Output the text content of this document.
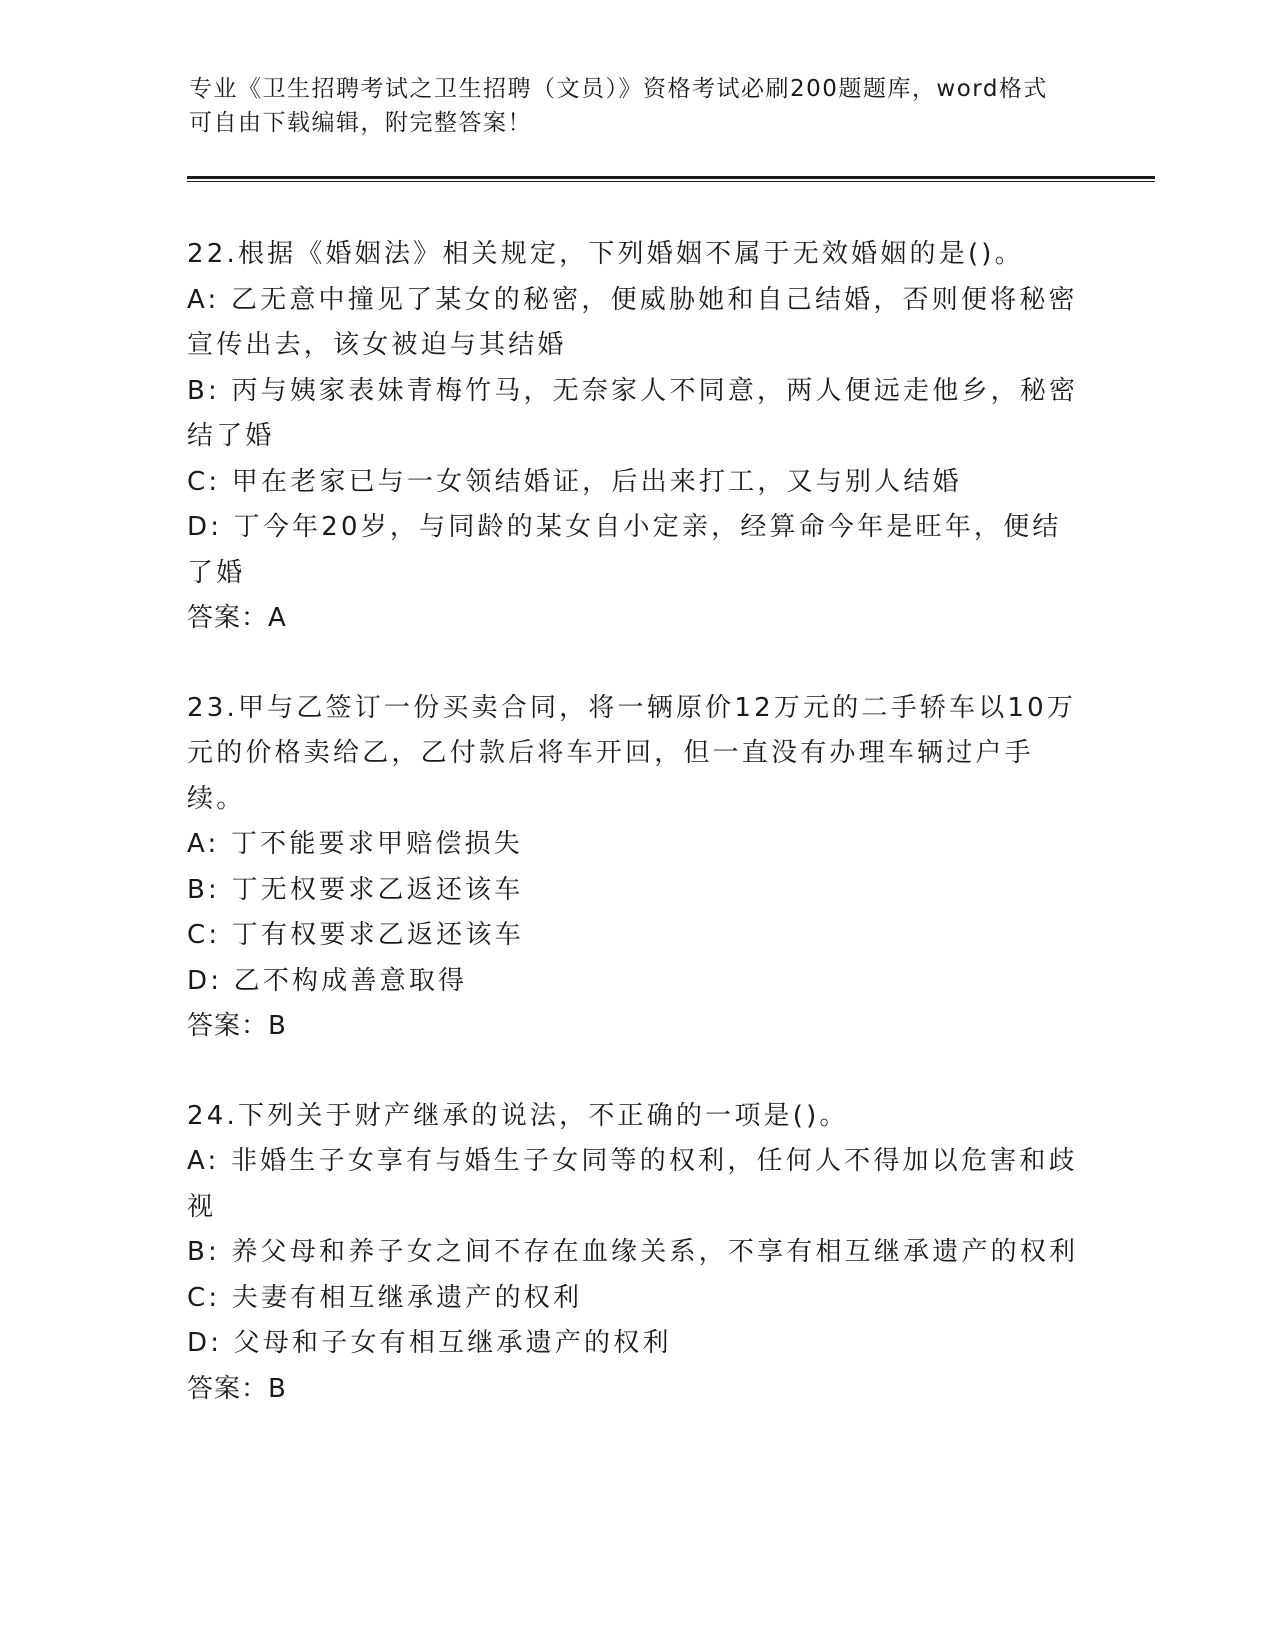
专业《卫生招聘考试之卫生招聘（文员）》资格考试必刷200题题库，word格式可自由下载编辑，附完整答案！
22.根据《婚姻法》相关规定，下列婚姻不属于无效婚姻的是()。
A: 乙无意中撞见了某女的秘密，便威胁她和自己结婚，否则便将秘密宣传出去，该女被迫与其结婚
B: 丙与姨家表妹青梅竹马，无奈家人不同意，两人便远走他乡，秘密结了婚
C: 甲在老家已与一女领结婚证，后出来打工，又与别人结婚
D: 丁今年20岁，与同龄的某女自小定亲，经算命今年是旺年，便结了婚
答案：A
23.甲与乙签订一份买卖合同，将一辆原价12万元的二手轿车以10万元的价格卖给乙，乙付款后将车开回，但一直没有办理车辆过户手续。
A: 丁不能要求甲赔偿损失
B: 丁无权要求乙返还该车
C: 丁有权要求乙返还该车
D: 乙不构成善意取得
答案：B
24.下列关于财产继承的说法，不正确的一项是()。
A: 非婚生子女享有与婚生子女同等的权利，任何人不得加以危害和歧视
B: 养父母和养子女之间不存在血缘关系，不享有相互继承遗产的权利
C: 夫妻有相互继承遗产的权利
D: 父母和子女有相互继承遗产的权利
答案：B
